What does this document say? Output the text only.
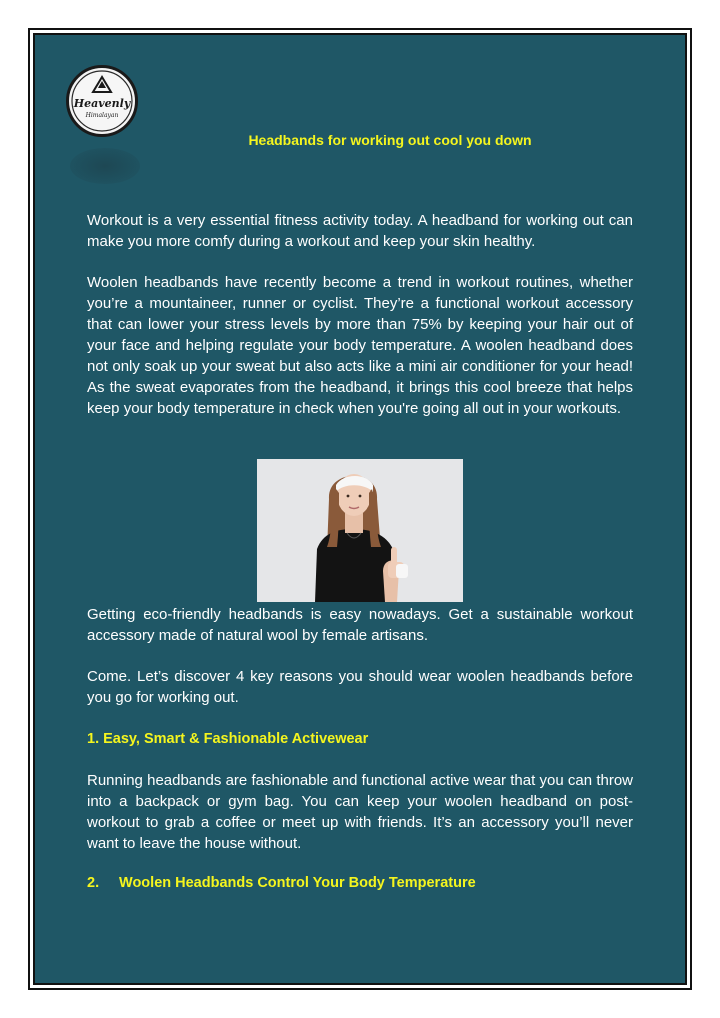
Heavenly
Himalayan
Headbands for working out cool you down

Workout is a very essential fitness activity today. A headband for working out can make you more comfy during a workout and keep your skin healthy.

Woolen headbands have recently become a trend in workout routines, whether you’re a mountaineer, runner or cyclist. They’re a functional workout accessory that can lower your stress levels by more than 75% by keeping your hair out of your face and helping regulate your body temperature. A woolen headband does not only soak up your sweat but also acts like a mini air conditioner for your head! As the sweat evaporates from the headband, it brings this cool breeze that helps keep your body temperature in check when you're going all out in your workouts.

Getting eco-friendly headbands is easy nowadays. Get a sustainable workout accessory made of natural wool by female artisans.

Come. Let’s discover 4 key reasons you should wear woolen headbands before you go for working out.

1. Easy, Smart & Fashionable Activewear

Running headbands are fashionable and functional active wear that you can throw into a backpack or gym bag. You can keep your woolen headband on post-workout to grab a coffee or meet up with friends. It’s an accessory you’ll never want to leave the house without.

2. Woolen Headbands Control Your Body Temperature
